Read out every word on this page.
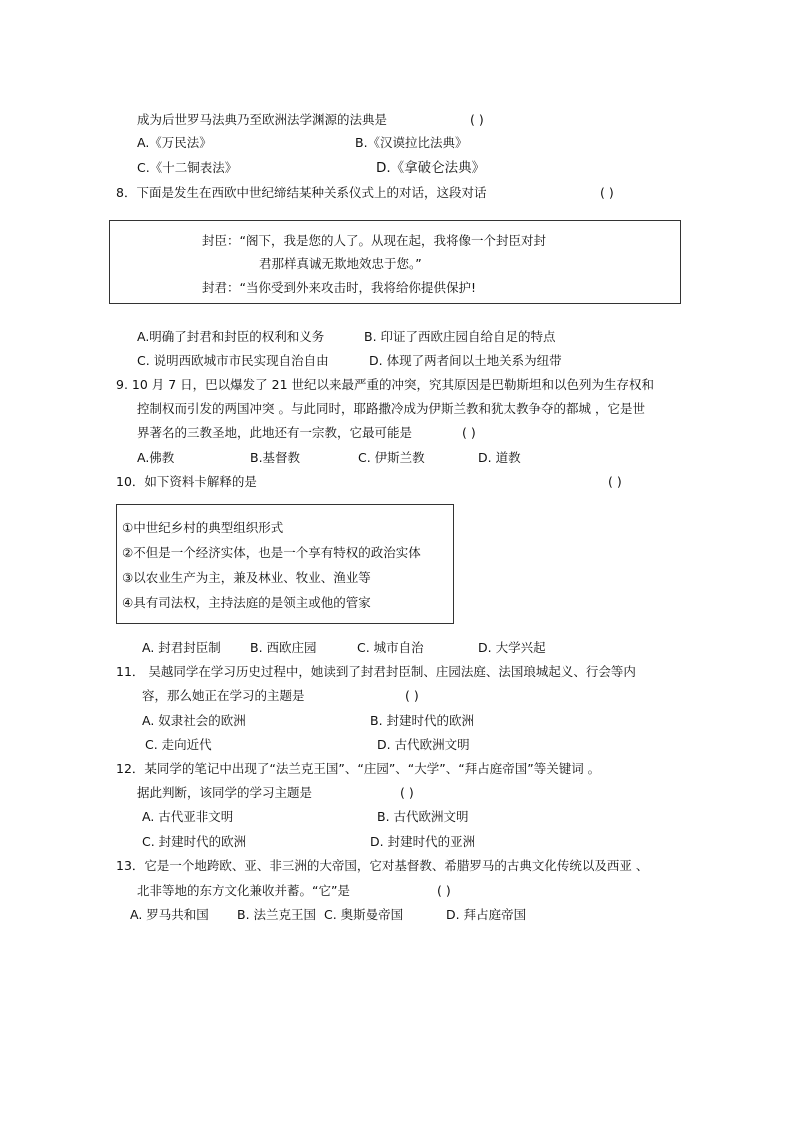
成为后世罗马法典乃至欧洲法学渊源的法典是	( )
A.《万民法》	B.《汉谟拉比法典》
C.《十二铜表法》	D.《拿破仑法典》
8．下面是发生在西欧中世纪缔结某种关系仪式上的对话，这段对话	( )
封臣：“阁下，我是您的人了。从现在起，我将像一个封臣对封
君那样真诚无欺地效忠于您。”
封君：“当你受到外来攻击时，我将给你提供保护!
A.明确了封君和封臣的权利和义务	B. 印证了西欧庄园自给自足的特点
C. 说明西欧城市市民实现自治自由	D. 体现了两者间以土地关系为纽带
9. 10 月 7 日，巴以爆发了 21 世纪以来最严重的冲突，究其原因是巴勒斯坦和以色列为生存权和
控制权而引发的两国冲突 。与此同时，耶路撒冷成为伊斯兰教和犹太教争夺的都城 ，它是世
界著名的三教圣地，此地还有一宗教，它最可能是	( )
A.佛教	B.基督教	C. 伊斯兰教	D. 道教
10．如下资料卡解释的是	( )
①中世纪乡村的典型组织形式
②不但是一个经济实体，也是一个享有特权的政治实体
③以农业生产为主，兼及林业、牧业、渔业等
④具有司法权，主持法庭的是领主或他的管家
A. 封君封臣制 B. 西欧庄园	C. 城市自治	D. 大学兴起
11． 吴越同学在学习历史过程中，她读到了封君封臣制、庄园法庭、法国琅城起义、行会等内
容，那么她正在学习的主题是	( )
A. 奴隶社会的欧洲	B. 封建时代的欧洲
C. 走向近代	D. 古代欧洲文明
12．某同学的笔记中出现了“法兰克王国”、“庄园”、“大学”、“拜占庭帝国”等关键词 。
据此判断，该同学的学习主题是	( )
A. 古代亚非文明	B. 古代欧洲文明
C. 封建时代的欧洲	D. 封建时代的亚洲
13．它是一个地跨欧、亚、非三洲的大帝国，它对基督教、希腊罗马的古典文化传统以及西亚 、
北非等地的东方文化兼收并蓄。“它”是	( )
A. 罗马共和国 B. 法兰克王国 C. 奥斯曼帝国	D. 拜占庭帝国
